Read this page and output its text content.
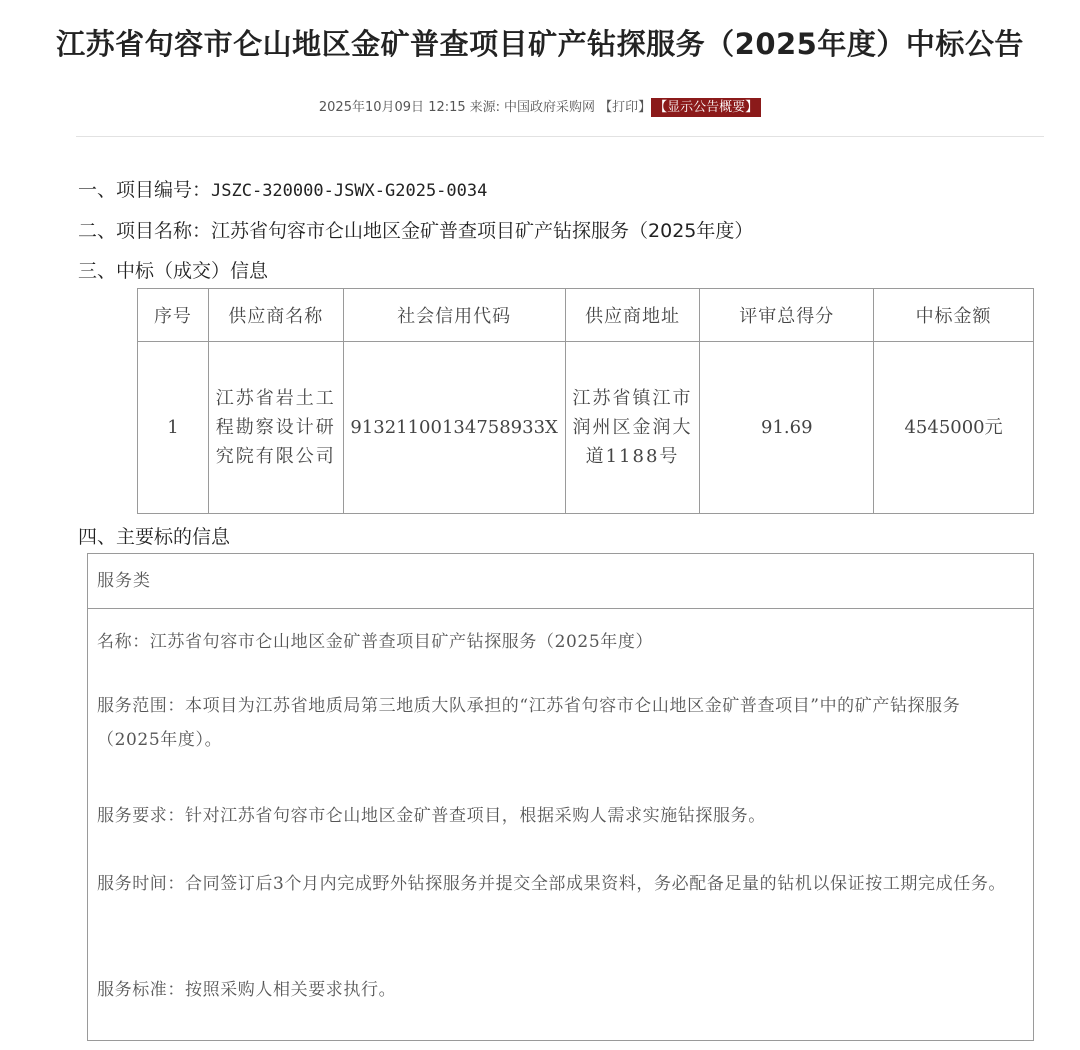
江苏省句容市仑山地区金矿普查项目矿产钻探服务（2025年度）中标公告
2025年10月09日 12:15 来源: 中国政府采购网 【打印】 【显示公告概要】
一、项目编号：JSZC-320000-JSWX-G2025-0034
二、项目名称：江苏省句容市仑山地区金矿普查项目矿产钻探服务（2025年度）
三、中标（成交）信息
序号	供应商名称	社会信用代码	供应商地址	评审总得分	中标金额
1	江苏省岩土工程勘察设计研究院有限公司	91321100134758933X	江苏省镇江市润州区金润大道1188号	91.69	4545000元
四、主要标的信息
服务类

名称：江苏省句容市仑山地区金矿普查项目矿产钻探服务（2025年度）

服务范围：本项目为江苏省地质局第三地质大队承担的“江苏省句容市仑山地区金矿普查项目”中的矿产钻探服务（2025年度）。

服务要求：针对江苏省句容市仑山地区金矿普查项目，根据采购人需求实施钻探服务。

服务时间：合同签订后3个月内完成野外钻探服务并提交全部成果资料，务必配备足量的钻机以保证按工期完成任务。

服务标准：按照采购人相关要求执行。
